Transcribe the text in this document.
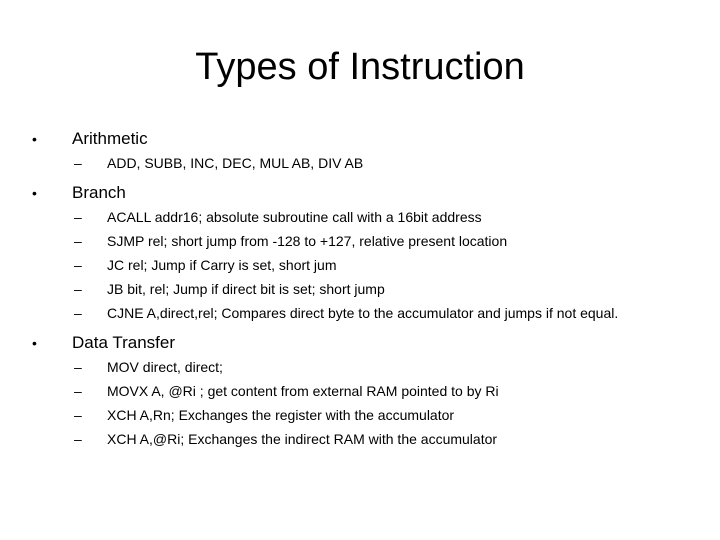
Types of Instruction
•	Arithmetic
–	ADD, SUBB, INC, DEC, MUL AB, DIV AB
•	Branch
–	ACALL addr16; absolute subroutine call with a 16bit address
–	SJMP rel; short jump from -128 to +127, relative present location
–	JC rel; Jump if Carry is set, short jum
–	JB bit, rel; Jump if direct bit is set; short jump
–	CJNE A,direct,rel; Compares direct byte to the accumulator and jumps if not equal.
•	Data Transfer
–	MOV direct, direct;
–	MOVX A, @Ri ; get content from external RAM pointed to by Ri
–	XCH A,Rn; Exchanges the register with the accumulator
–	XCH A,@Ri; Exchanges the indirect RAM with the accumulator
